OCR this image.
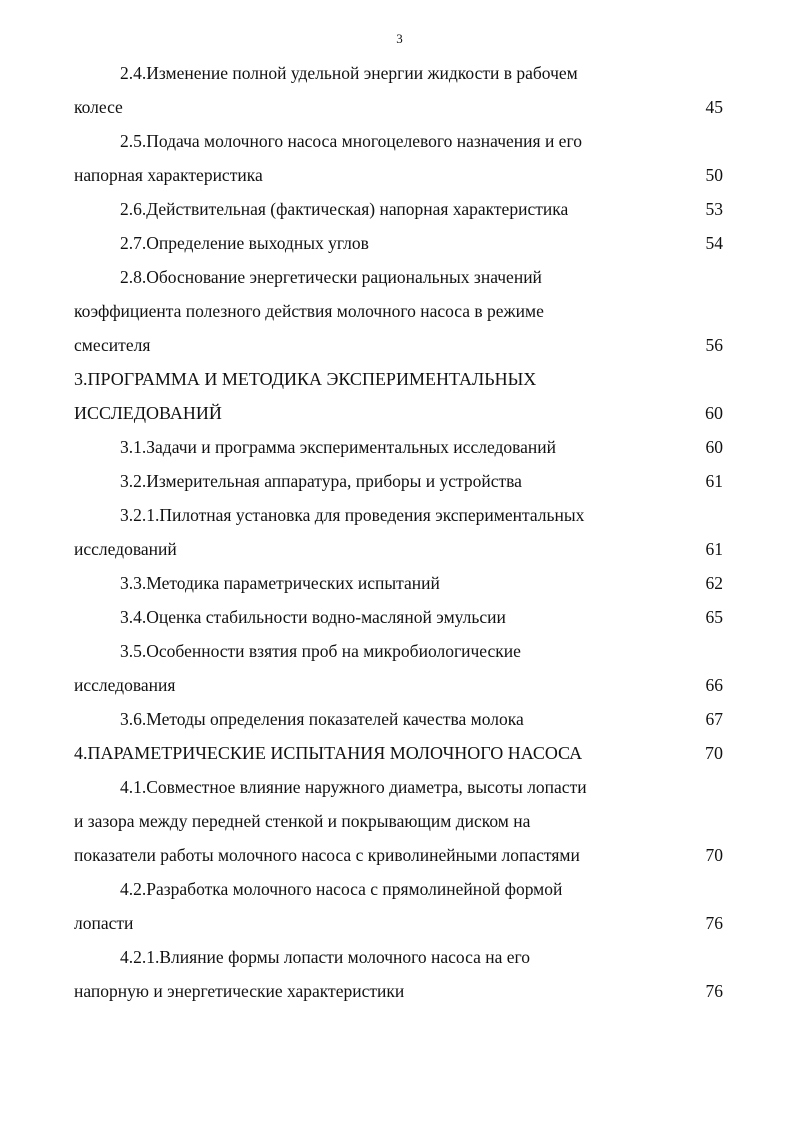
3
2.4.Изменение полной удельной энергии жидкости в рабочем
колесе	45
2.5.Подача молочного насоса многоцелевого назначения и его
напорная характеристика	50
2.6.Действительная (фактическая) напорная характеристика	53
2.7.Определение выходных углов	54
2.8.Обоснование энергетически рациональных значений
коэффициента полезного действия молочного насоса в режиме
смесителя	56
3.ПРОГРАММА И МЕТОДИКА ЭКСПЕРИМЕНТАЛЬНЫХ
ИССЛЕДОВАНИЙ	60
3.1.Задачи и программа экспериментальных исследований	60
3.2.Измерительная аппаратура, приборы и устройства	61
3.2.1.Пилотная установка для проведения экспериментальных
исследований	61
3.3.Методика параметрических испытаний	62
3.4.Оценка стабильности водно-масляной эмульсии	65
3.5.Особенности взятия проб на микробиологические
исследования	66
3.6.Методы определения показателей качества молока	67
4.ПАРАМЕТРИЧЕСКИЕ ИСПЫТАНИЯ МОЛОЧНОГО НАСОСА	70
4.1.Совместное влияние наружного диаметра, высоты лопасти
и зазора между передней стенкой и покрывающим диском на
показатели работы молочного насоса с криволинейными лопастями	70
4.2.Разработка молочного насоса с прямолинейной формой
лопасти	76
4.2.1.Влияние формы лопасти молочного насоса на его
напорную и энергетические характеристики	76
